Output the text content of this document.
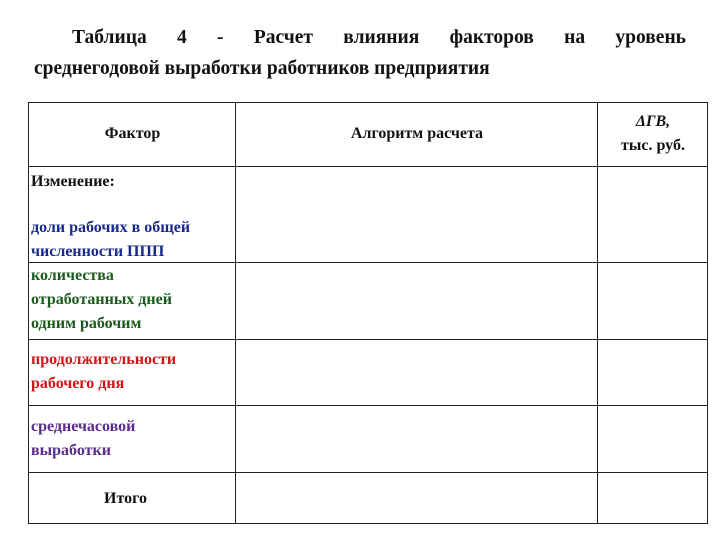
Таблица 4 - Расчет влияния факторов на уровень
среднегодовой выработки работников предприятия
Фактор	Алгоритм расчета
ΔГВ,
тыс. руб.
Изменение:
доли рабочих в общей
численности ППП
количества
отработанных дней
одним рабочим
продолжительности
рабочего дня
среднечасовой
выработки
Итого
